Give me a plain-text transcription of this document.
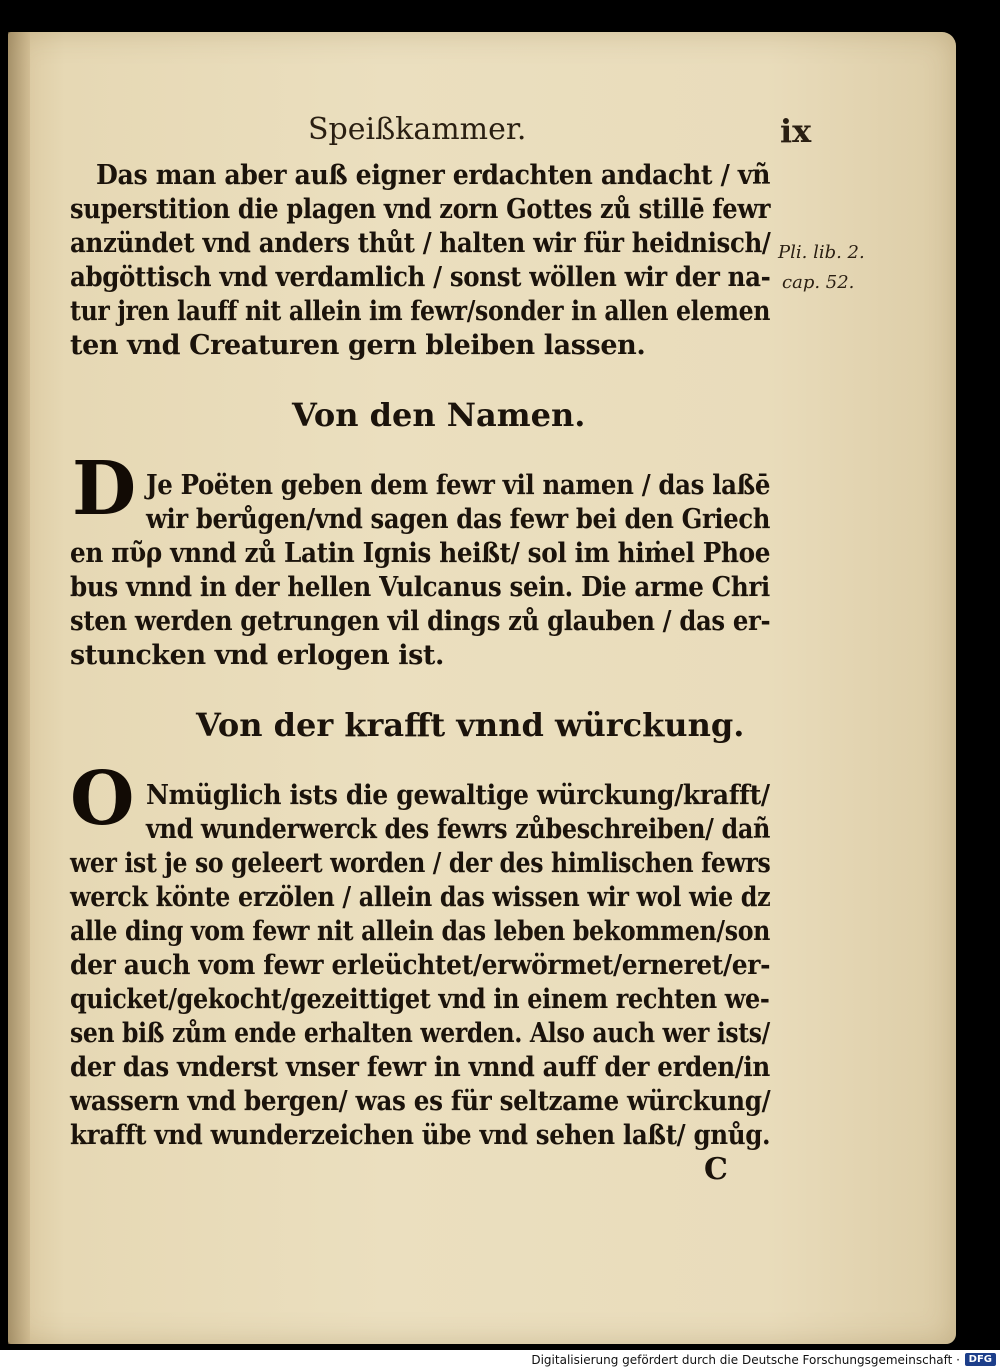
Speißkammer.	ix
Das man aber auß eigner erdachten andacht / vñ
superstition die plagen vnd zorn Gottes zů stillē fewr
anzündet vnd anders thůt / halten wir für heidnisch/
abgöttisch vnd verdamlich / sonst wöllen wir der na-
tur jren lauff nit allein im fewr/sonder in allen elemen
ten vnd Creaturen gern bleiben lassen.
Pli. lib. 2.
cap. 52.
Von den Namen.
D Je Poëten geben dem fewr vil namen / das laßē
wir berůgen/vnd sagen das fewr bei den Griech
en πῦρ vnnd zů Latin Ignis heißt/ sol im hiṁel Phoe
bus vnnd in der hellen Vulcanus sein. Die arme Chri
sten werden getrungen vil dings zů glauben / das er-
stuncken vnd erlogen ist.
Von der krafft vnnd würckung.
O Nmüglich ists die gewaltige würckung/krafft/
vnd wunderwerck des fewrs zůbeschreiben/ dañ
wer ist je so geleert worden / der des himlischen fewrs
werck könte erzölen / allein das wissen wir wol wie dz
alle ding vom fewr nit allein das leben bekommen/son
der auch vom fewr erleüchtet/erwörmet/erneret/er-
quicket/gekocht/gezeittiget vnd in einem rechten we-
sen biß zům ende erhalten werden. Also auch wer ists/
der das vnderst vnser fewr in vnnd auff der erden/in
wassern vnd bergen/ was es für seltzame würckung/
krafft vnd wunderzeichen übe vnd sehen laßt/ gnůg.
C
Digitalisierung gefördert durch die Deutsche Forschungsgemeinschaft · DFG
